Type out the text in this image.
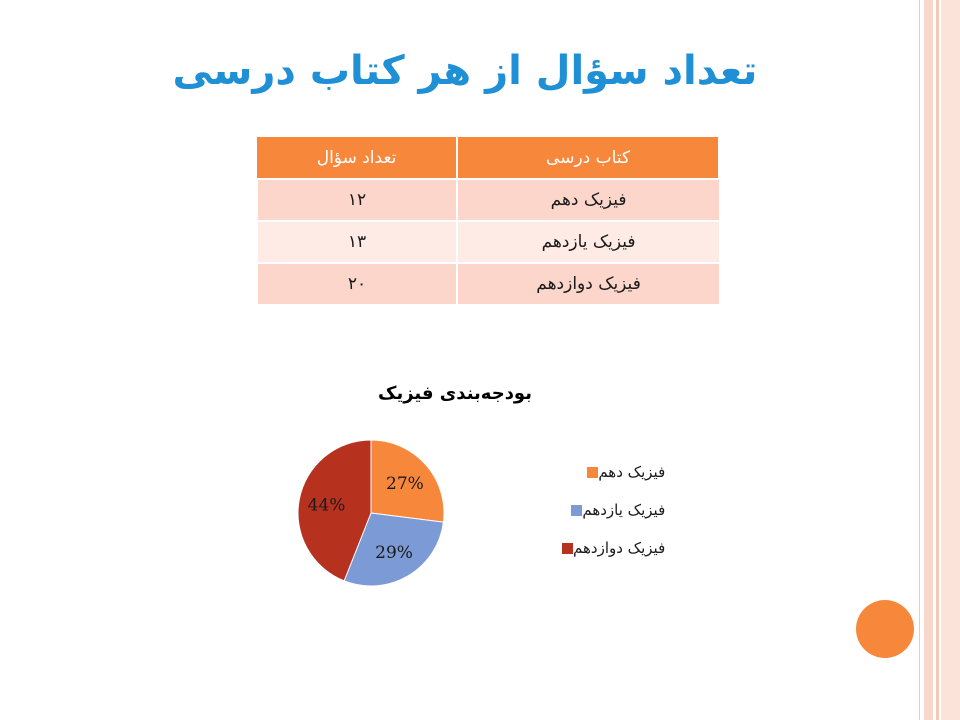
تعداد سؤال از هر کتاب درسی
کتاب درسی	تعداد سؤال
فیزیک دهم	۱۲
فیزیک یازدهم	۱۳
فیزیک دوازدهم	۲۰
بودجه‌بندی فیزیک
27%
29%
44%
فیزیک دهم
فیزیک یازدهم
فیزیک دوازدهم
